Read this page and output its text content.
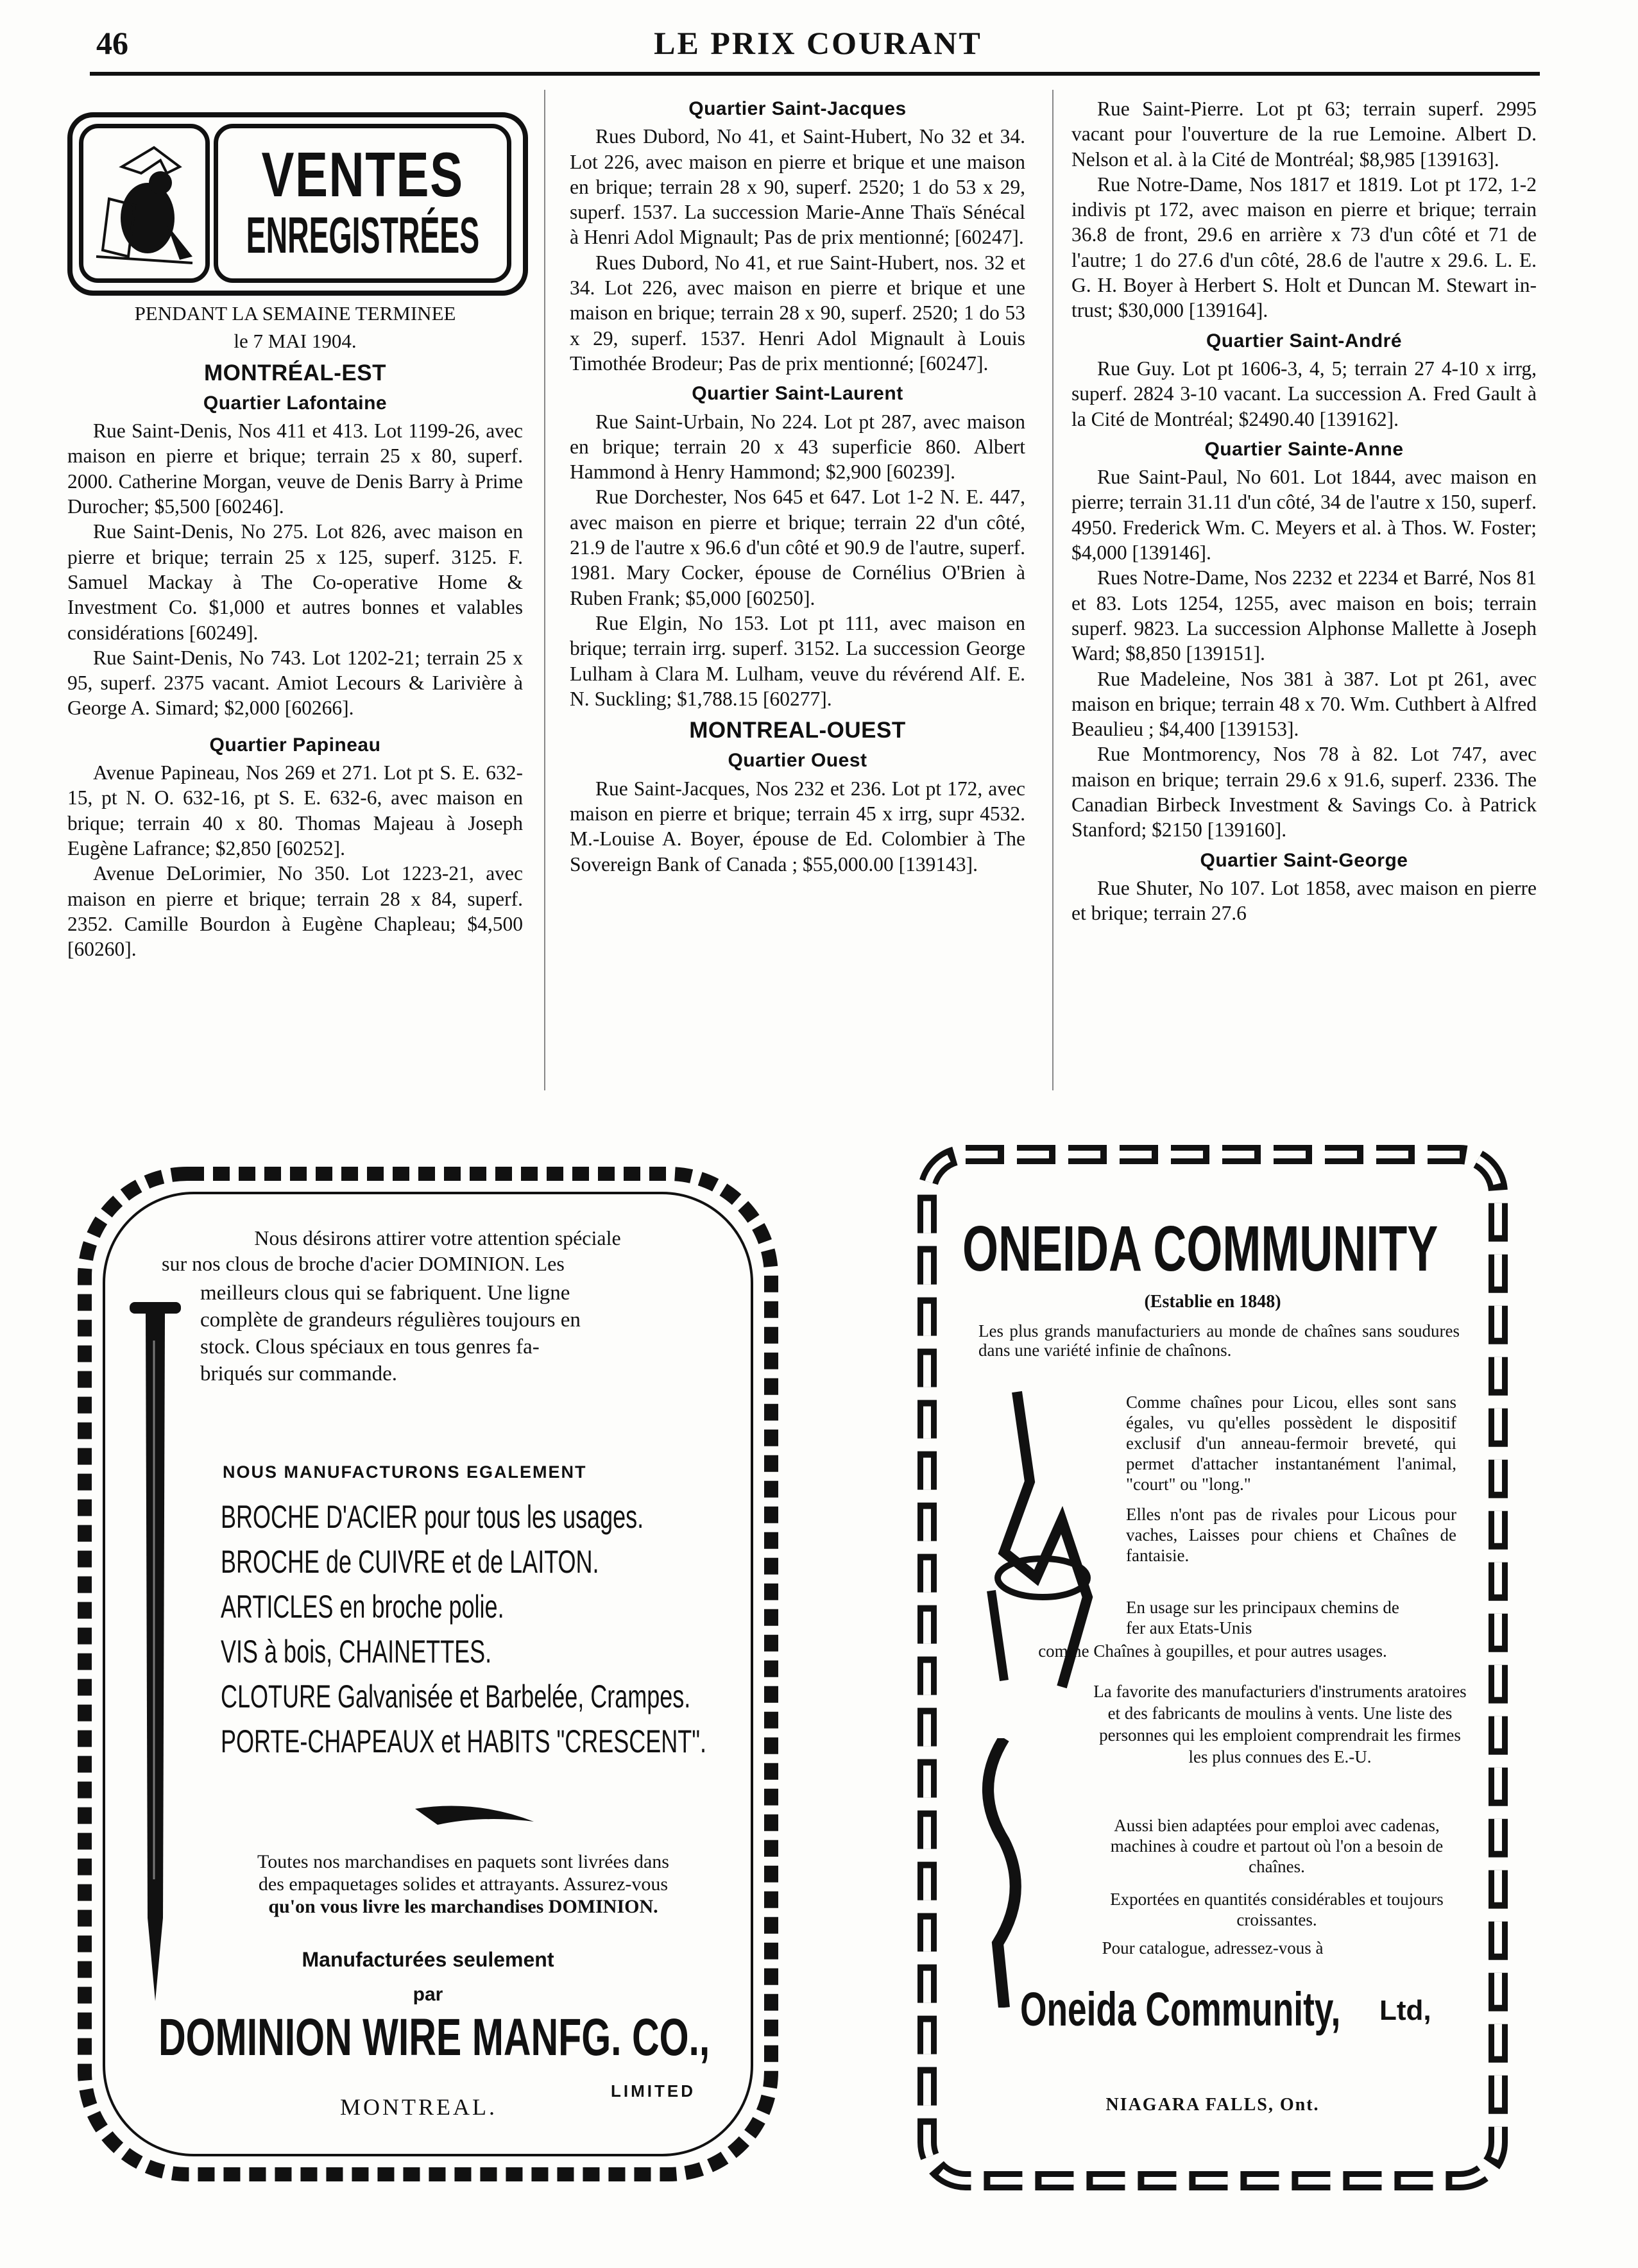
46	LE PRIX COURANT
VENTES
ENREGISTRÉES
PENDANT LA SEMAINE TERMINEE
le 7 MAI 1904.
MONTRÉAL-EST
Quartier Lafontaine

Rue Saint-Denis, Nos 411 et 413. Lot 1199-26, avec maison en pierre et brique; terrain 25 x 80, superf. 2000. Catherine Morgan, veuve de Denis Barry à Prime Durocher; $5,500 [60246].

Rue Saint-Denis, No 275. Lot 826, avec maison en pierre et brique; terrain 25 x 125, superf. 3125. F. Samuel Mackay à The Co-operative Home & Investment Co. $1,000 et autres bonnes et valables considérations [60249].

Rue Saint-Denis, No 743. Lot 1202-21; terrain 25 x 95, superf. 2375 vacant. Amiot Lecours & Larivière à George A. Simard; $2,000 [60266].

Quartier Papineau

Avenue Papineau, Nos 269 et 271. Lot pt S. E. 632-15, pt N. O. 632-16, pt S. E. 632-6, avec maison en brique; terrain 40 x 80. Thomas Majeau à Joseph Eugène Lafrance; $2,850 [60252].

Avenue DeLorimier, No 350. Lot 1223-21, avec maison en pierre et brique; terrain 28 x 84, superf. 2352. Camille Bourdon à Eugène Chapleau; $4,500 [60260].

Quartier Saint-Jacques

Rues Dubord, No 41, et Saint-Hubert, No 32 et 34. Lot 226, avec maison en pierre et brique et une maison en brique; terrain 28 x 90, superf. 2520; 1 do 53 x 29, superf. 1537. La succession Marie-Anne Thaïs Sénécal à Henri Adol Mignault; Pas de prix mentionné; [60247].

Rues Dubord, No 41, et rue Saint-Hubert, nos. 32 et 34. Lot 226, avec maison en pierre et brique et une maison en brique; terrain 28 x 90, superf. 2520; 1 do 53 x 29, superf. 1537. Henri Adol Mignault à Louis Timothée Brodeur; Pas de prix mentionné; [60247].

Quartier Saint-Laurent

Rue Saint-Urbain, No 224. Lot pt 287, avec maison en brique; terrain 20 x 43 superficie 860. Albert Hammond à Henry Hammond; $2,900 [60239].

Rue Dorchester, Nos 645 et 647. Lot 1-2 N. E. 447, avec maison en pierre et brique; terrain 22 d'un côté, 21.9 de l'autre x 96.6 d'un côté et 90.9 de l'autre, superf. 1981. Mary Cocker, épouse de Cornélius O'Brien à Ruben Frank; $5,000 [60250].

Rue Elgin, No 153. Lot pt 111, avec maison en brique; terrain irrg. superf. 3152. La succession George Lulham à Clara M. Lulham, veuve du révérend Alf. E. N. Suckling; $1,788.15 [60277].

MONTREAL-OUEST
Quartier Ouest

Rue Saint-Jacques, Nos 232 et 236. Lot pt 172, avec maison en pierre et brique; terrain 45 x irrg, supr 4532. M.-Louise A. Boyer, épouse de Ed. Colombier à The Sovereign Bank of Canada ; $55,000.00 [139143].

Rue Saint-Pierre. Lot pt 63; terrain superf. 2995 vacant pour l'ouverture de la rue Lemoine. Albert D. Nelson et al. à la Cité de Montréal; $8,985 [139163].

Rue Notre-Dame, Nos 1817 et 1819. Lot pt 172, 1-2 indivis pt 172, avec maison en pierre et brique; terrain 36.8 de front, 29.6 en arrière x 73 d'un côté et 71 de l'autre; 1 do 27.6 d'un côté, 28.6 de l'autre x 29.6. L. E. G. H. Boyer à Herbert S. Holt et Duncan M. Stewart in-trust; $30,000 [139164].

Quartier Saint-André

Rue Guy. Lot pt 1606-3, 4, 5; terrain 27 4-10 x irrg, superf. 2824 3-10 vacant. La succession A. Fred Gault à la Cité de Montréal; $2490.40 [139162].

Quartier Sainte-Anne

Rue Saint-Paul, No 601. Lot 1844, avec maison en pierre; terrain 31.11 d'un côté, 34 de l'autre x 150, superf. 4950. Frederick Wm. C. Meyers et al. à Thos. W. Foster; $4,000 [139146].

Rues Notre-Dame, Nos 2232 et 2234 et Barré, Nos 81 et 83. Lots 1254, 1255, avec maison en bois; terrain superf. 9823. La succession Alphonse Mallette à Joseph Ward; $8,850 [139151].

Rue Madeleine, Nos 381 à 387. Lot pt 261, avec maison en brique; terrain 48 x 70. Wm. Cuthbert à Alfred Beaulieu ; $4,400 [139153].

Rue Montmorency, Nos 78 à 82. Lot 747, avec maison en brique; terrain 29.6 x 91.6, superf. 2336. The Canadian Birbeck Investment & Savings Co. à Patrick Stanford; $2150 [139160].

Quartier Saint-George

Rue Shuter, No 107. Lot 1858, avec maison en pierre et brique; terrain 27.6

Nous désirons attirer votre attention spéciale
sur nos clous de broche d'acier DOMINION. Les
meilleurs clous qui se fabriquent. Une ligne
complète de grandeurs régulières toujours en
stock. Clous spéciaux en tous genres fa-
briqués sur commande.
NOUS MANUFACTURONS EGALEMENT
BROCHE D'ACIER pour tous les usages.
BROCHE de CUIVRE et de LAITON.
ARTICLES en broche polie.
VIS à bois, CHAINETTES.
CLOTURE Galvanisée et Barbelée, Crampes.
PORTE-CHAPEAUX et HABITS "CRESCENT".
Toutes nos marchandises en paquets sont livrées dans
des empaquetages solides et attrayants. Assurez-vous
qu'on vous livre les marchandises DOMINION.
Manufacturées seulement
par
DOMINION WIRE MANFG. CO.,
MONTREAL.
LIMITED
ONEIDA COMMUNITY
(Establie en 1848)
Les plus grands manufacturiers au monde de chaînes sans soudures dans une variété infinie de chaînons.
Comme chaînes pour Licou, elles sont sans égales, vu qu'elles possèdent le dispositif exclusif d'un anneau-fermoir breveté, qui permet d'attacher instantanément l'animal, "court" ou "long."
Elles n'ont pas de rivales pour Licous pour vaches, Laisses pour chiens et Chaînes de fantaisie.
En usage sur les principaux chemins de fer aux Etats-Unis
comme Chaînes à goupilles, et pour autres usages.
La favorite des manufacturiers d'instruments aratoires et des fabricants de moulins à vents. Une liste des personnes qui les emploient comprendrait les firmes les plus connues des E.-U.
Aussi bien adaptées pour emploi avec cadenas, machines à coudre et partout où l'on a besoin de chaînes.
Exportées en quantités considérables et toujours croissantes.
Pour catalogue, adressez-vous à
Oneida Community, Ltd,
NIAGARA FALLS, Ont.
